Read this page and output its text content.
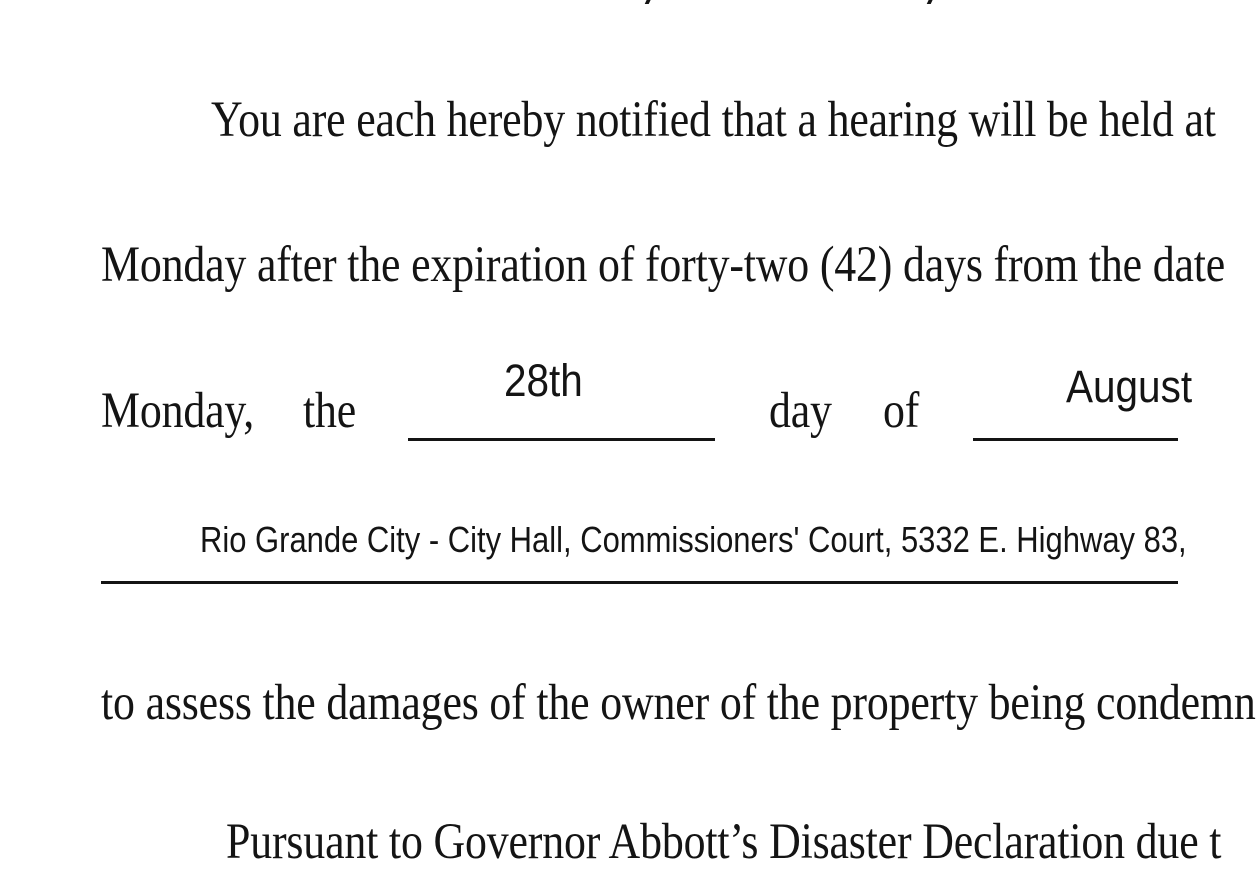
You are each hereby notified that a hearing will be held at
Monday after the expiration of forty-two (42) days from the date
Monday, the
28th
day of	August
Rio Grande City - City Hall, Commissioners' Court, 5332 E. Highway 83,
to assess the damages of the owner of the property being condemn
Pursuant to Governor Abbott’s Disaster Declaration due t
